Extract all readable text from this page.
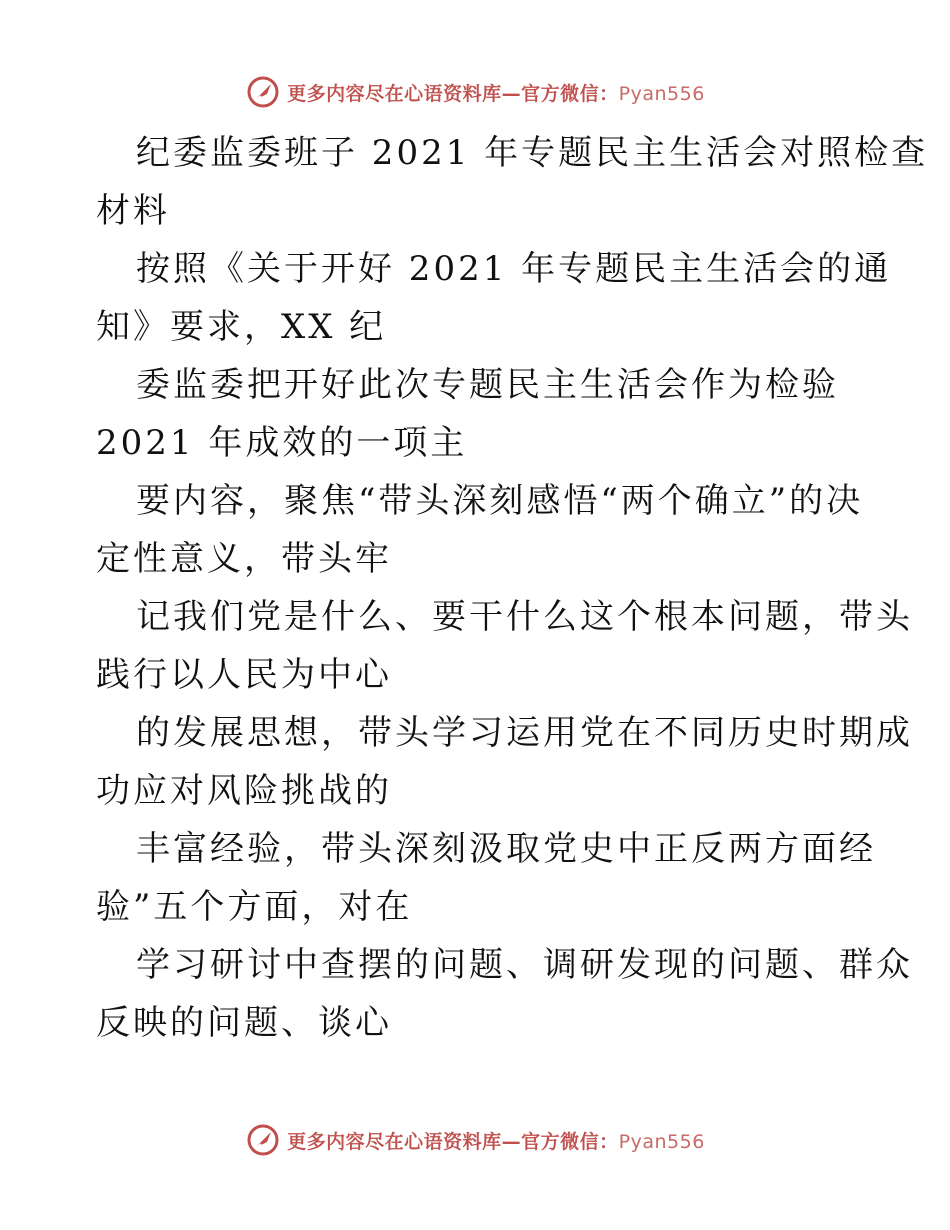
更多内容尽在心语资料库—官方微信：Pyan556
纪委监委班子 2021 年专题民主生活会对照检查
材料
按照《关于开好 2021 年专题民主生活会的通
知》要求，XX 纪
委监委把开好此次专题民主生活会作为检验
2021 年成效的一项主
要内容，聚焦“带头深刻感悟“两个确立”的决
定性意义，带头牢
记我们党是什么、要干什么这个根本问题，带头
践行以人民为中心
的发展思想，带头学习运用党在不同历史时期成
功应对风险挑战的
丰富经验，带头深刻汲取党史中正反两方面经
验”五个方面，对在
学习研讨中查摆的问题、调研发现的问题、群众
反映的问题、谈心
更多内容尽在心语资料库—官方微信：Pyan556
